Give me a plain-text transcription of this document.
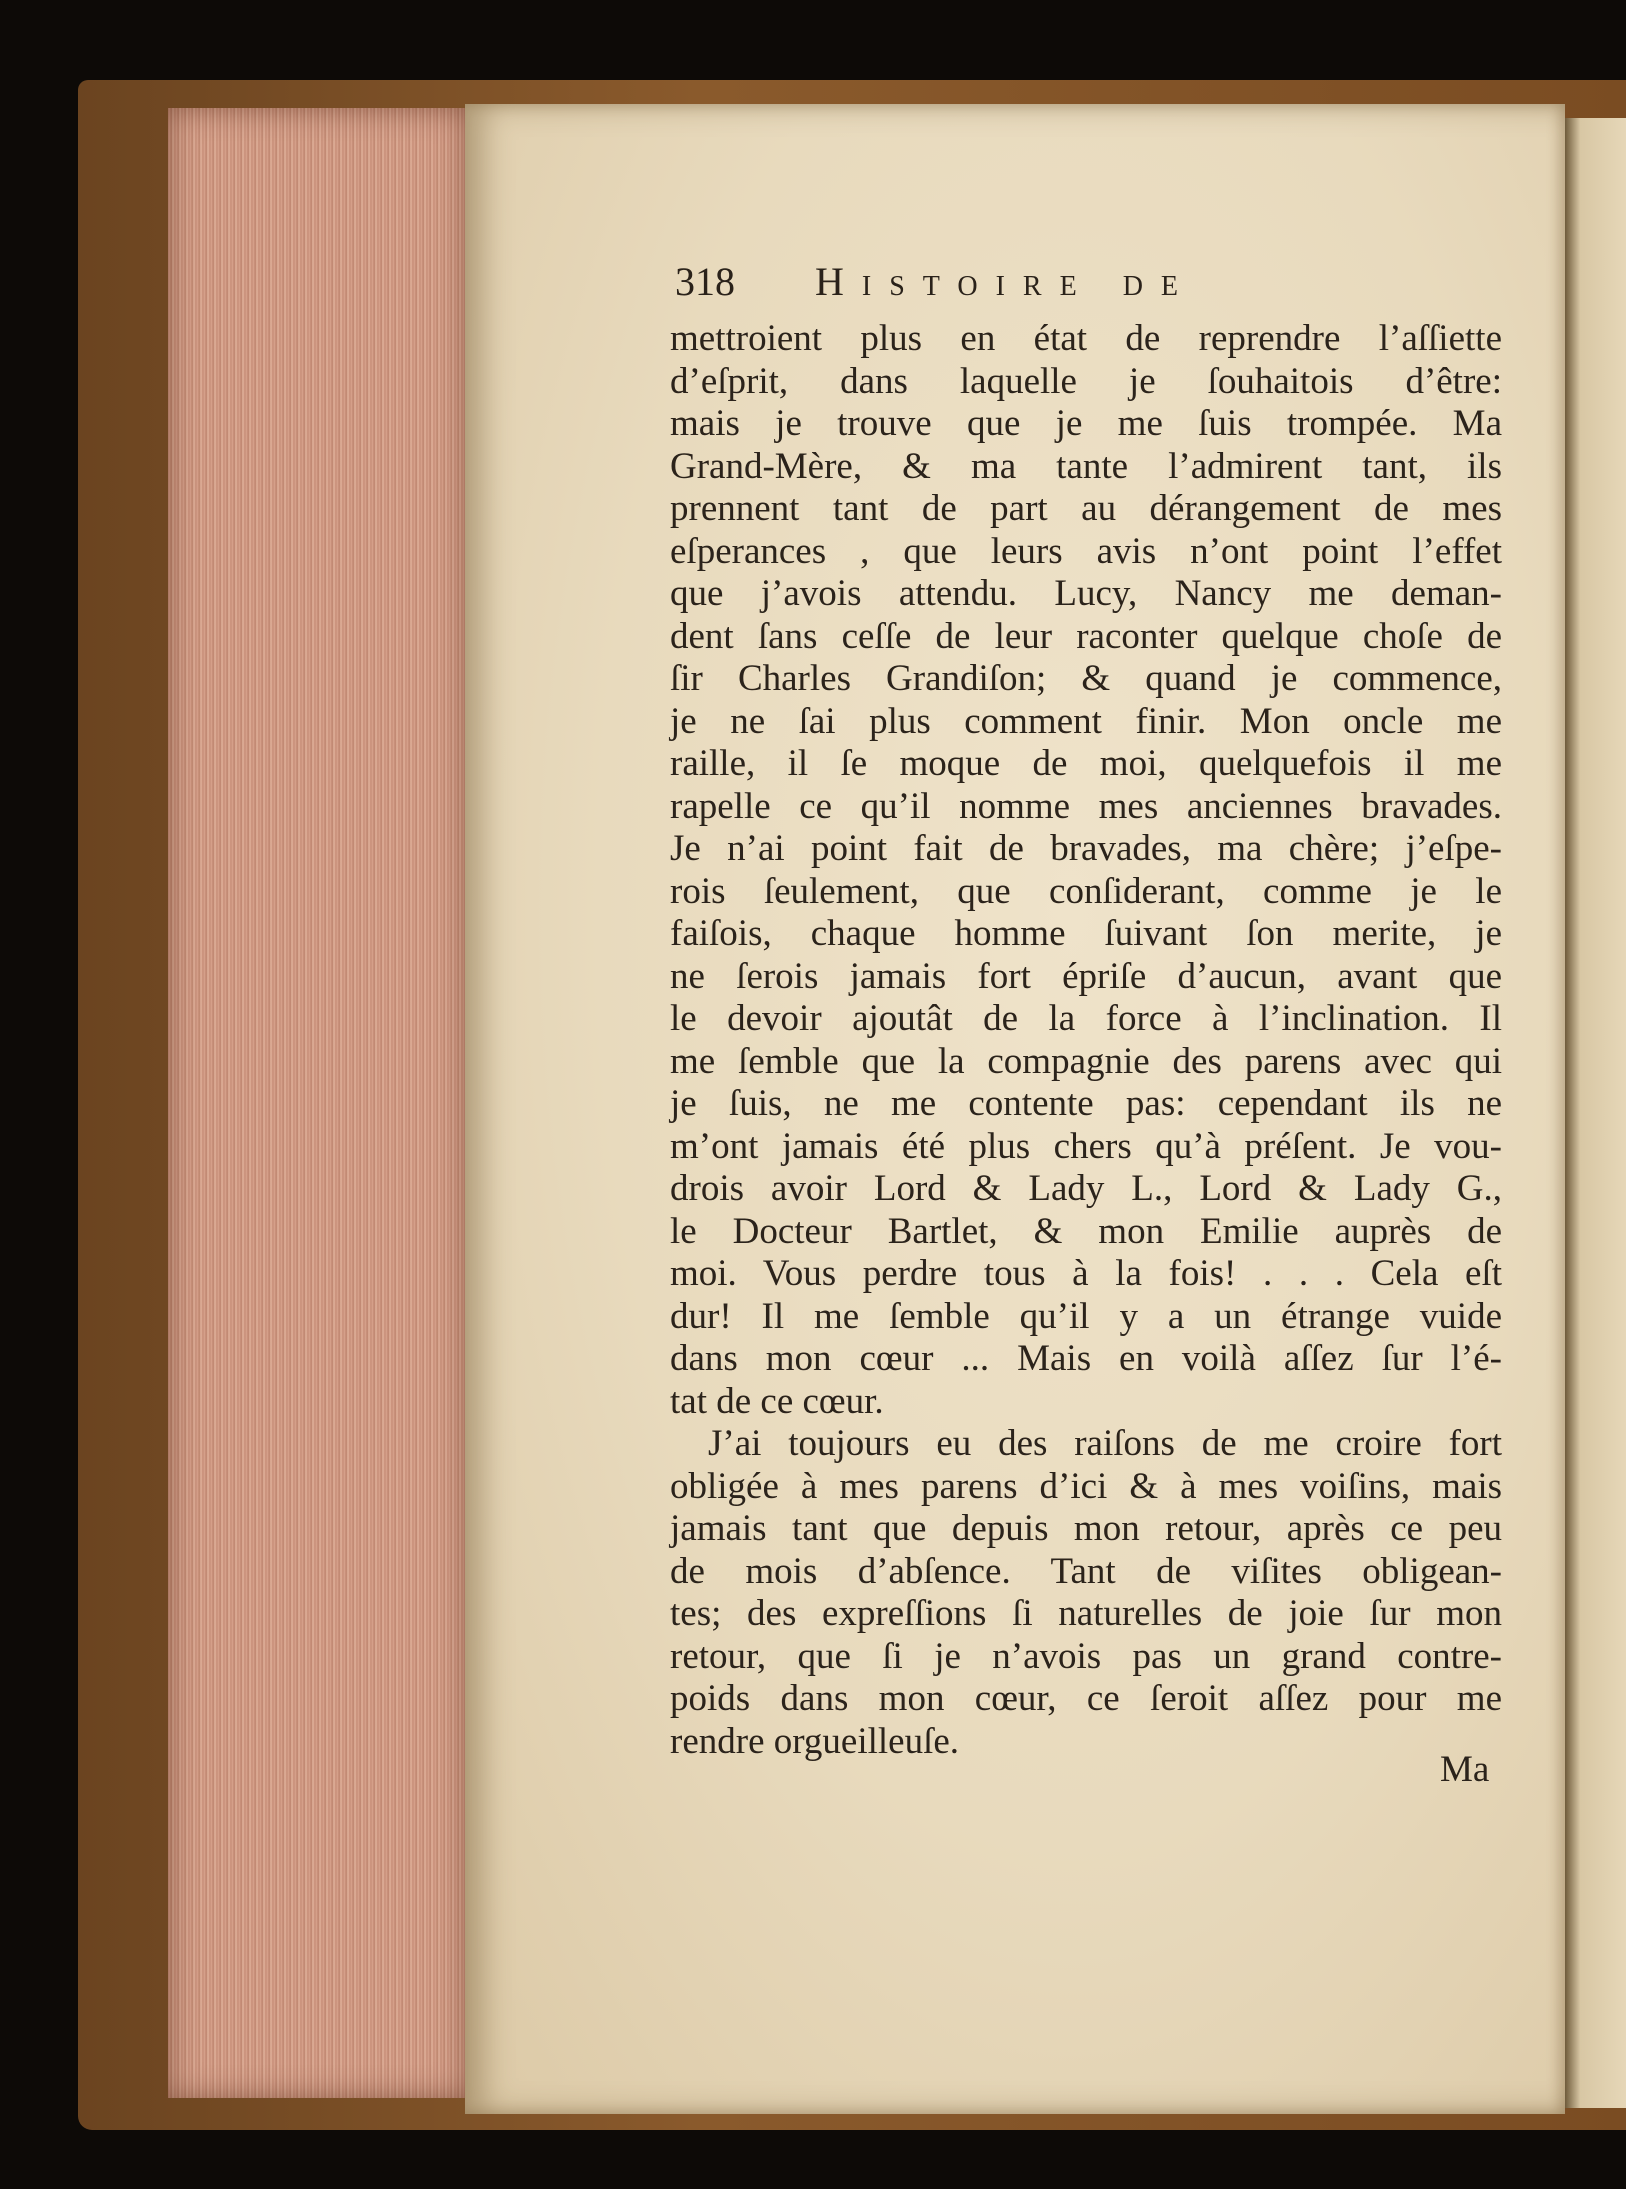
318 Histoire de
mettroient plus en état de reprendre l’aſſiette
d’eſprit, dans laquelle je ſouhaitois d’être:
mais je trouve que je me ſuis trompée. Ma
Grand-Mère, & ma tante l’admirent tant, ils
prennent tant de part au dérangement de mes
eſperances , que leurs avis n’ont point l’effet
que j’avois attendu. Lucy, Nancy me deman-
dent ſans ceſſe de leur raconter quelque choſe de
ſir Charles Grandiſon; & quand je commence,
je ne ſai plus comment finir. Mon oncle me
raille, il ſe moque de moi, quelquefois il me
rapelle ce qu’il nomme mes anciennes bravades.
Je n’ai point fait de bravades, ma chère; j’eſpe-
rois ſeulement, que conſiderant, comme je le
faiſois, chaque homme ſuivant ſon merite, je
ne ſerois jamais fort épriſe d’aucun, avant que
le devoir ajoutât de la force à l’inclination. Il
me ſemble que la compagnie des parens avec qui
je ſuis, ne me contente pas: cependant ils ne
m’ont jamais été plus chers qu’à préſent. Je vou-
drois avoir Lord & Lady L., Lord & Lady G.,
le Docteur Bartlet, & mon Emilie auprès de
moi. Vous perdre tous à la fois! . . . Cela eſt
dur! Il me ſemble qu’il y a un étrange vuide
dans mon cœur ... Mais en voilà aſſez ſur l’é-
tat de ce cœur.
J’ai toujours eu des raiſons de me croire fort
obligée à mes parens d’ici & à mes voiſins, mais
jamais tant que depuis mon retour, après ce peu
de mois d’abſence. Tant de viſites obligean-
tes; des expreſſions ſi naturelles de joie ſur mon
retour, que ſi je n’avois pas un grand contre-
poids dans mon cœur, ce ſeroit aſſez pour me
rendre orgueilleuſe.
Ma
